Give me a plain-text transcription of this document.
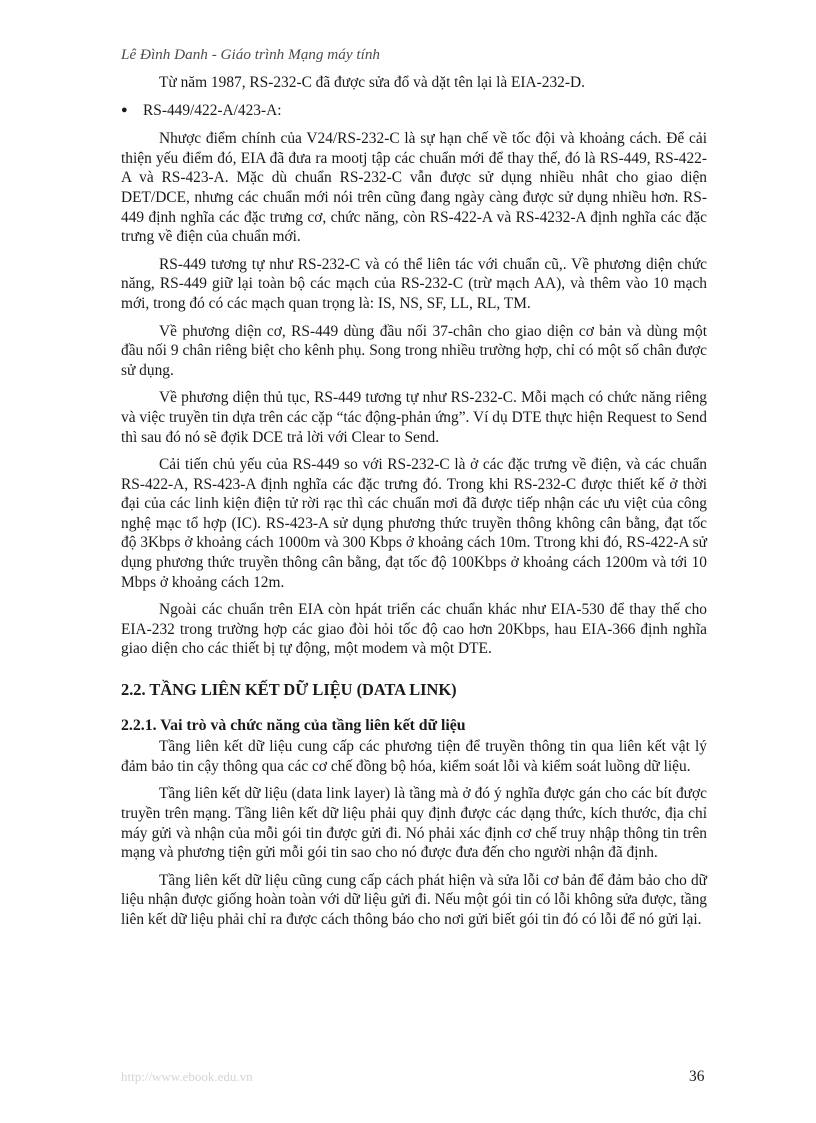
Lê Đình Danh - Giáo trình Mạng máy tính

Từ năm 1987, RS-232-C đã được sửa đổ và dặt tên lại là EIA-232-D.

● RS-449/422-A/423-A:

Nhược điểm chính của V24/RS-232-C là sự hạn chế về tốc đội và khoảng cách. Để cải thiện yếu điểm đó, EIA đã đưa ra mootj tập các chuẩn mới để thay thế, đó là RS-449, RS-422-A và RS-423-A. Mặc dù chuẩn RS-232-C vẫn được sử dụng nhiều nhât cho giao diện DET/DCE, nhưng các chuẩn mới nói trên cũng đang ngày càng được sử dụng nhiều hơn. RS-449 định nghĩa các đặc trưng cơ, chức năng, còn RS-422-A và RS-4232-A định nghĩa các đặc trưng về điện của chuẩn mới.

RS-449 tương tự như RS-232-C và có thể liên tác với chuẩn cũ,. Về phương diện chức năng, RS-449 giữ lại toàn bộ các mạch của RS-232-C (trừ mạch AA), và thêm vào 10 mạch mới, trong đó có các mạch quan trọng là: IS, NS, SF, LL, RL, TM.

Về phương diện cơ, RS-449 dùng đầu nối 37-chân cho giao diện cơ bản và dùng một đầu nối 9 chân riêng biệt cho kênh phụ. Song trong nhiều trường hợp, chỉ có một số chân được sử dụng.

Về phương diện thủ tục, RS-449 tương tự như RS-232-C. Mỗi mạch có chức năng riêng và việc truyền tin dựa trên các cặp “tác động-phản ứng”. Ví dụ DTE thực hiện Request to Send thì sau đó nó sẽ đợik DCE trả lời với Clear to Send.

Cải tiến chủ yếu của RS-449 so với RS-232-C là ở các đặc trưng về điện, và các chuẩn RS-422-A, RS-423-A định nghĩa các đặc trưng đó. Trong khi RS-232-C được thiết kế ở thời đại của các linh kiện điện tử rời rạc thì các chuẩn mơi đã được tiếp nhận các ưu việt của công nghệ mạc tổ hợp (IC). RS-423-A sử dụng phương thức truyền thông không cân bằng, đạt tốc độ 3Kbps ở khoảng cách 1000m và 300 Kbps ở khoảng cách 10m. Ttrong khi đó, RS-422-A sử dụng phương thức truyền thông cân bằng, đạt tốc độ 100Kbps ở khoảng cách 1200m và tới 10 Mbps ở khoảng cách 12m.

Ngoài các chuẩn trên EIA còn hpát triển các chuẩn khác như EIA-530 để thay thế cho EIA-232 trong trường hợp các giao đòi hỏi tốc độ cao hơn 20Kbps, hau EIA-366 định nghĩa giao diện cho các thiết bị tự động, một modem và một DTE.

2.2. TẦNG LIÊN KẾT DỮ LIỆU (DATA LINK)
2.2.1. Vai trò và chức năng của tầng liên kết dữ liệu

Tầng liên kết dữ liệu cung cấp các phương tiện để truyền thông tin qua liên kết vật lý đảm bảo tin cậy thông qua các cơ chế đồng bộ hóa, kiểm soát lỗi và kiểm soát luồng dữ liệu.

Tầng liên kết dữ liệu (data link layer) là tầng mà ở đó ý nghĩa được gán cho các bít được truyền trên mạng. Tầng liên kết dữ liệu phải quy định được các dạng thức, kích thước, địa chỉ máy gửi và nhận của mỗi gói tin được gửi đi. Nó phải xác định cơ chế truy nhập thông tin trên mạng và phương tiện gửi mỗi gói tin sao cho nó được đưa đến cho người nhận đã định.

Tầng liên kết dữ liệu cũng cung cấp cách phát hiện và sửa lỗi cơ bản để đảm bảo cho dữ liệu nhận được giống hoàn toàn với dữ liệu gửi đi. Nếu một gói tin có lỗi không sửa được, tầng liên kết dữ liệu phải chỉ ra được cách thông báo cho nơi gửi biết gói tin đó có lỗi để nó gửi lại.

http://www.ebook.edu.vn	36
